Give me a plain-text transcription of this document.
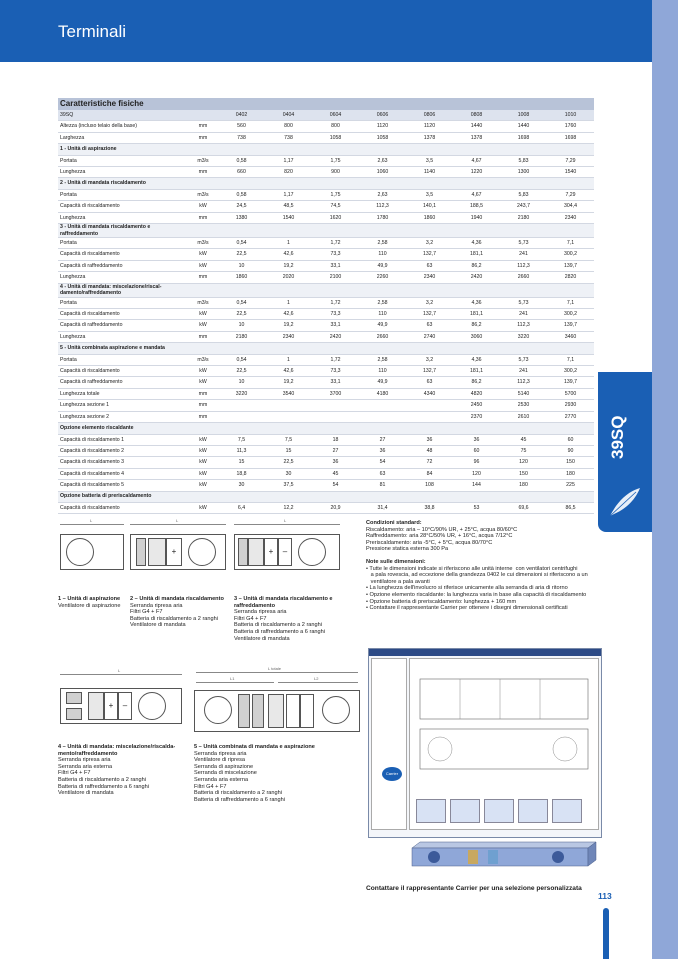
Terminali
39SQ
Caratteristiche fisiche
39SQ		0402	0404	0604	0606	0806	0808	1008	1010
Altezza (incluso telaio della base)	mm	560	800	800	1120	1120	1440	1440	1760
Larghezza	mm	738	738	1058	1058	1378	1378	1698	1698
1 - Unità di aspirazione									
Portata	m3/s	0,58	1,17	1,75	2,63	3,5	4,67	5,83	7,29
Lunghezza	mm	660	820	900	1060	1140	1220	1300	1540
2 - Unità di mandata riscaldamento									
Portata	m3/s	0,58	1,17	1,75	2,63	3,5	4,67	5,83	7,29
Capacità di riscaldamento	kW	24,5	48,5	74,5	112,3	140,1	188,5	243,7	304,4
Lunghezza	mm	1380	1540	1620	1780	1860	1940	2180	2340
3 - Unità di mandata riscaldamento e raffreddamento									
Portata	m3/s	0,54	1	1,72	2,58	3,2	4,36	5,73	7,1
Capacità di riscaldamento	kW	22,5	42,6	73,3	110	132,7	181,1	241	300,2
Capacità di raffreddamento	kW	10	19,2	33,1	49,9	63	86,2	112,3	139,7
Lunghezza	mm	1860	2020	2100	2260	2340	2420	2660	2820
4 - Unità di mandata: miscelazione/riscal-damento/raffreddamento									
Portata	m3/s	0,54	1	1,72	2,58	3,2	4,36	5,73	7,1
Capacità di riscaldamento	kW	22,5	42,6	73,3	110	132,7	181,1	241	300,2
Capacità di raffreddamento	kW	10	19,2	33,1	49,9	63	86,2	112,3	139,7
Lunghezza	mm	2180	2340	2420	2660	2740	3060	3220	3460
5 - Unità combinata aspirazione e mandata									
Portata	m3/s	0,54	1	1,72	2,58	3,2	4,36	5,73	7,1
Capacità di riscaldamento	kW	22,5	42,6	73,3	110	132,7	181,1	241	300,2
Capacità di raffreddamento	kW	10	19,2	33,1	49,9	63	86,2	112,3	139,7
Lunghezza totale	mm	3220	3540	3700	4180	4340	4820	5140	5700
Lunghezza sezione 1	mm						2450	2530	2930
Lunghezza sezione 2	mm						2370	2610	2770
Opzione elemento riscaldante									
Capacità di riscaldamento 1	kW	7,5	7,5	18	27	36	36	45	60
Capacità di riscaldamento 2	kW	11,3	15	27	36	48	60	75	90
Capacità di riscaldamento 3	kW	15	22,5	36	54	72	96	120	150
Capacità di riscaldamento 4	kW	18,8	30	45	63	84	120	150	180
Capacità di riscaldamento 5	kW	30	37,5	54	81	108	144	180	225
Opzione batteria di preriscaldamento									
Capacità di riscaldamento	kW	6,4	12,2	20,9	31,4	38,8	53	69,6	86,5
L	L
+
L
+	–
1 – Unità di aspirazione
Ventilatore di aspirazione
2 – Unità di mandata riscaldamento
Serranda ripresa aria
Filtri G4 + F7
Batteria di riscaldamento a 2 ranghi
Ventilatore di mandata
3 – Unità di mandata riscaldamento e raffreddamento
Serranda ripresa aria
Filtri G4 + F7
Batteria di riscaldamento a 2 ranghi
Batteria di raffreddamento a 6 ranghi
Ventilatore di mandata
L
+	–
L totale
L1	L2
4 – Unità di mandata: miscelazione/riscalda-mento/raffreddamento
Serranda ripresa aria
Serranda aria esterna
Filtri G4 + F7
Batteria di riscaldamento a 2 ranghi
Batteria di raffreddamento a 6 ranghi
Ventilatore di mandata
5 – Unità combinata di mandata e aspirazione
Serranda ripresa aria
Ventilatore di ripresa
Serranda di aspirazione
Serranda di miscelazione
Serranda aria esterna
Filtri G4 + F7
Batteria di riscaldamento a 2 ranghi
Batteria di raffreddamento a 6 ranghi
Condizioni standard:
Riscaldamento: aria – 10°C/90% UR, + 25°C, acqua 80/60°C
Raffreddamento: aria 28°C/50% UR, + 16°C, acqua 7/12°C
Preriscaldamento: aria -5°C, + 5°C, acqua 80/70°C
Pressione statica esterna 300 Pa
Note sulle dimensioni:
• Tutte le dimensioni indicate si riferiscono alle unità interne  con ventilatori centrifughi
a pala rovescia, ad eccezione della grandezza 0402 le cui dimensioni si riferiscono a un
ventilatore a pala avanti
• La lunghezza dell'involucro si riferisce unicamente alla serranda di aria di ritorno
• Opzione elemento riscaldante: la lunghezza varia in base alla capacità di riscaldamento
• Opzione batteria di preriscaldamento: lunghezza + 160 mm
• Contattare il rappresentante Carrier per ottenere i disegni dimensionali certificati
Carrier
Contattare il rappresentante Carrier per una selezione personalizzata
113
